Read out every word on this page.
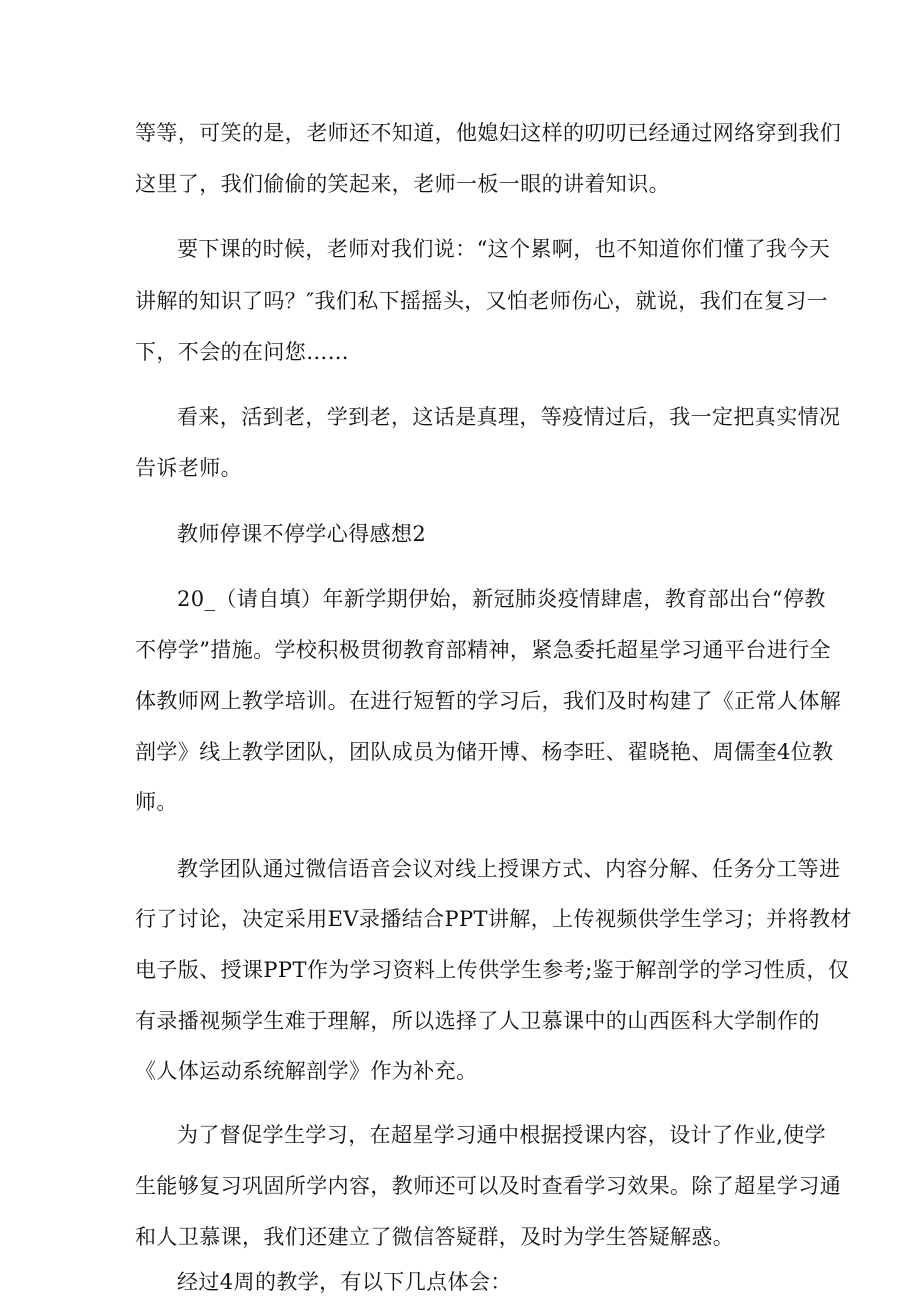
等等，可笑的是，老师还不知道，他媳妇这样的叨叨已经通过网络穿到我们
这里了，我们偷偷的笑起来，老师一板一眼的讲着知识。
要下课的时候，老师对我们说：“这个累啊，也不知道你们懂了我今天
讲解的知识了吗？″我们私下摇摇头，又怕老师伤心，就说，我们在复习一
下，不会的在问您……
看来，活到老，学到老，这话是真理，等疫情过后，我一定把真实情况
告诉老师。
教师停课不停学心得感想2
20_（请自填）年新学期伊始，新冠肺炎疫情肆虐，教育部出台“停教
不停学”措施。学校积极贯彻教育部精神，紧急委托超星学习通平台进行全
体教师网上教学培训。在进行短暂的学习后，我们及时构建了《正常人体解
剖学》线上教学团队，团队成员为储开博、杨李旺、翟晓艳、周儒奎4位教
师。
教学团队通过微信语音会议对线上授课方式、内容分解、任务分工等进
行了讨论，决定采用EV录播结合PPT讲解，上传视频供学生学习；并将教材
电子版、授课PPT作为学习资料上传供学生参考;鉴于解剖学的学习性质，仅
有录播视频学生难于理解，所以选择了人卫慕课中的山西医科大学制作的
《人体运动系统解剖学》作为补充。
为了督促学生学习，在超星学习通中根据授课内容，设计了作业,使学
生能够复习巩固所学内容，教师还可以及时查看学习效果。除了超星学习通
和人卫慕课，我们还建立了微信答疑群，及时为学生答疑解惑。
经过4周的教学，有以下几点体会：
